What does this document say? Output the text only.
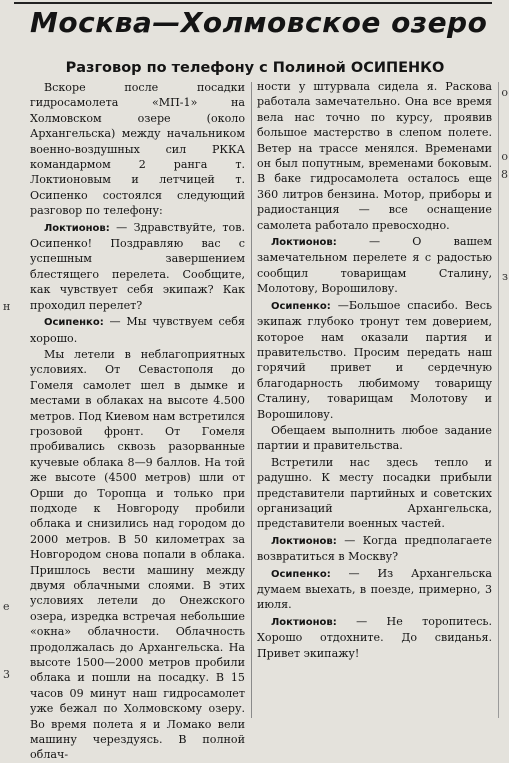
Москва—Холмовское озеро
Разговор по телефону с Полиной ОСИПЕНКО

Вскоре после посадки гидросамолета «МП-1» на Холмовском озере (около Архангельска) между начальником военно-воздушных сил РККА командармом 2 ранга т. Локтионовым и летчицей т. Осипенко состоялся следующий разговор по телефону:

Локтионов: — Здравствуйте, тов. Осипенко! Поздравляю вас с успешным завершением блестящего перелета. Сообщите, как чувствует себя экипаж? Как проходил перелет?

Осипенко: — Мы чувствуем себя хорошо.

Мы летели в неблагоприятных условиях. От Севастополя до Гомеля самолет шел в дымке и местами в облаках на высоте 4.500 метров. Под Киевом нам встретился грозовой фронт. От Гомеля пробивались сквозь разорванные кучевые облака 8—9 баллов. На той же высоте (4500 метров) шли от Орши до Торопца и только при подходе к Новгороду пробили облака и снизились над городом до 2000 метров. В 50 километрах за Новгородом снова попали в облака. Пришлось вести машину между двумя облачными слоями. В этих условиях летели до Онежского озера, изредка встречая небольшие «окна» облачности. Облачность продолжалась до Архангельска. На высоте 1500—2000 метров пробили облака и пошли на посадку. В 15 часов 09 минут наш гидросамолет уже бежал по Холмовскому озеру. Во время полета я и Ломако вели машину черездуясь. В полной облач-

ности у штурвала сидела я. Раскова работала замечательно. Она все время вела нас точно по курсу, проявив большое мастерство в слепом полете. Ветер на трассе менялся. Временами он был попутным, временами боковым. В баке гидросамолета осталось еще 360 литров бензина. Мотор, приборы и радиостанция — все оснащение самолета работало превосходно.

Локтионов:	— О вашем замечательном перелете я с радостью сообщил товарищам Сталину, Молотову, Ворошилову.

Осипенко: —Большое спасибо. Весь экипаж глубоко тронут тем доверием, которое нам оказали партия и правительство. Просим передать наш горячий привет и сердечную благодарность любимому товарищу Сталину, товарищам Молотову и Ворошилову.

Обещаем выполнить любое задание партии и правительства.

Встретили нас здесь тепло и радушно. К месту посадки прибыли представители партийных и советских организаций Архангельска, представители военных частей.

Локтионов: — Когда предполагаете возвратиться в Москву?

Осипенко: — Из Архангельска думаем выехать, в поезде, примерно, 3 июля.

Локтионов: — Не торопитесь. Хорошо отдохните. До свиданья. Привет экипажу!

н
е
3
о
о
8
з
